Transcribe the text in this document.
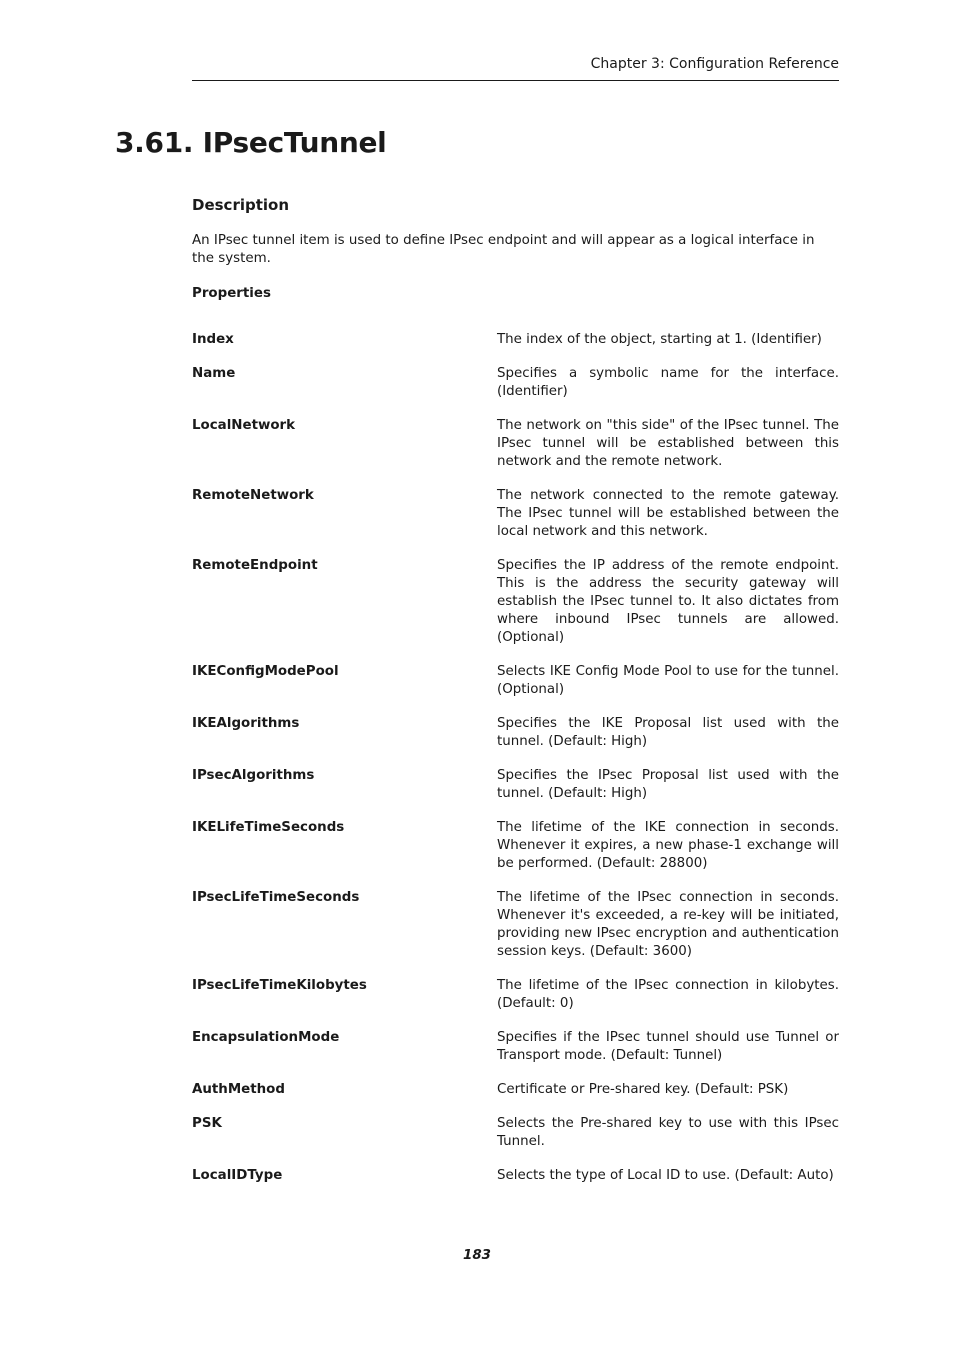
Chapter 3: Configuration Reference
3.61. IPsecTunnel
Description

An IPsec tunnel item is used to define IPsec endpoint and will appear as a logical interface in the system.

Properties
Index	The index of the object, starting at 1. (Identifier)
Name	Specifies a symbolic name for the interface. (Identifier)
LocalNetwork	The network on "this side" of the IPsec tunnel. The IPsec tunnel will be established between this network and the remote network.
RemoteNetwork	The network connected to the remote gateway. The IPsec tunnel will be established between the local network and this network.
RemoteEndpoint	Specifies the IP address of the remote endpoint. This is the address the security gateway will establish the IPsec tunnel to. It also dictates from where inbound IPsec tunnels are allowed. (Optional)
IKEConfigModePool	Selects IKE Config Mode Pool to use for the tunnel. (Optional)
IKEAlgorithms	Specifies the IKE Proposal list used with the tunnel. (Default: High)
IPsecAlgorithms	Specifies the IPsec Proposal list used with the tunnel. (Default: High)
IKELifeTimeSeconds	The lifetime of the IKE connection in seconds. Whenever it expires, a new phase-1 exchange will be performed. (Default: 28800)
IPsecLifeTimeSeconds	The lifetime of the IPsec connection in seconds. Whenever it's exceeded, a re-key will be initiated, providing new IPsec encryption and authentication session keys. (Default: 3600)
IPsecLifeTimeKilobytes	The lifetime of the IPsec connection in kilobytes. (Default: 0)
EncapsulationMode	Specifies if the IPsec tunnel should use Tunnel or Transport mode. (Default: Tunnel)
AuthMethod	Certificate or Pre-shared key. (Default: PSK)
PSK	Selects the Pre-shared key to use with this IPsec Tunnel.
LocalIDType	Selects the type of Local ID to use. (Default: Auto)
183
